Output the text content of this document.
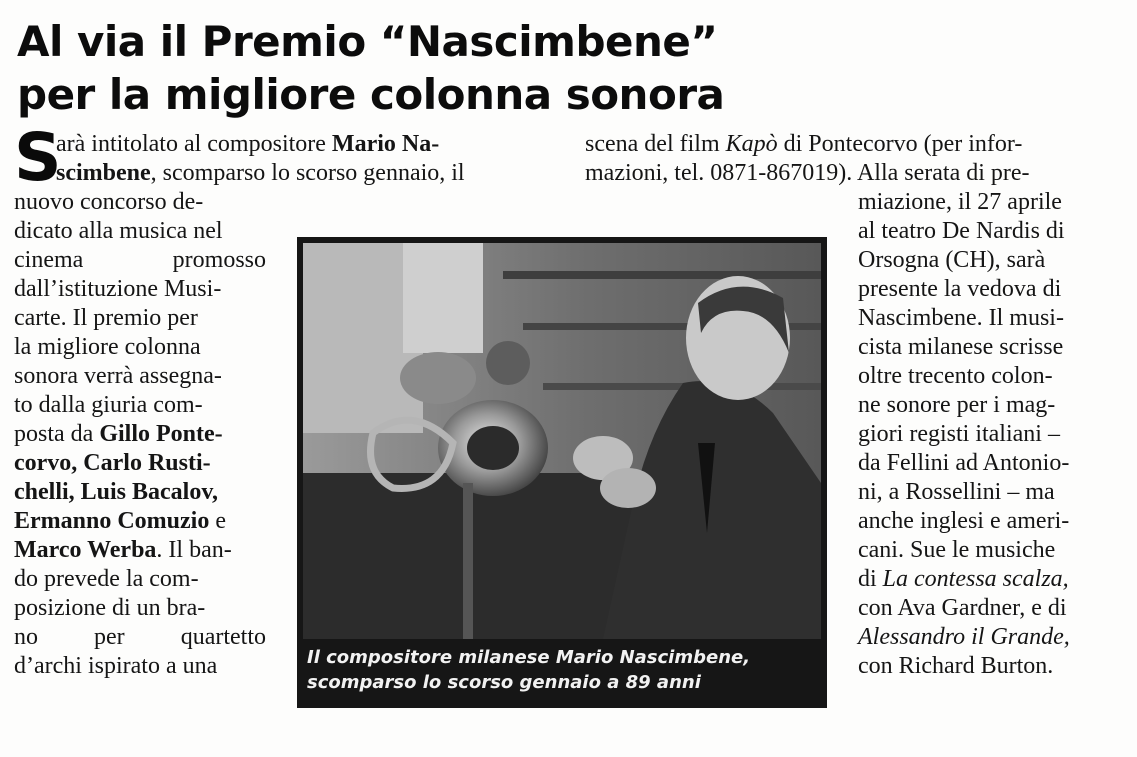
Al via il Premio “Nascimbene”
per la migliore colonna sonora
S
arà intitolato al compositore Mario Na-
scimbene, scomparso lo scorso gennaio, il
nuovo concorso de-
dicato alla musica nel
cinema promosso
dall’istituzione Musi-
carte. Il premio per
la migliore colonna
sonora verrà assegna-
to dalla giuria com-
posta da Gillo Ponte-
corvo, Carlo Rusti-
chelli, Luis Bacalov,
Ermanno Comuzio e
Marco Werba. Il ban-
do prevede la com-
posizione di un bra-
no per quartetto
d’archi ispirato a una
scena del film Kapò di Pontecorvo (per infor-
mazioni, tel. 0871-867019). Alla serata di pre-
miazione, il 27 aprile
al teatro De Nardis di
Orsogna (CH), sarà
presente la vedova di
Nascimbene. Il musi-
cista milanese scrisse
oltre trecento colon-
ne sonore per i mag-
giori registi italiani –
da Fellini ad Antonio-
ni, a Rossellini – ma
anche inglesi e ameri-
cani. Sue le musiche
di La contessa scalza,
con Ava Gardner, e di
Alessandro il Grande,
con Richard Burton.
Il compositore milanese Mario Nascimbene,
scomparso lo scorso gennaio a 89 anni
